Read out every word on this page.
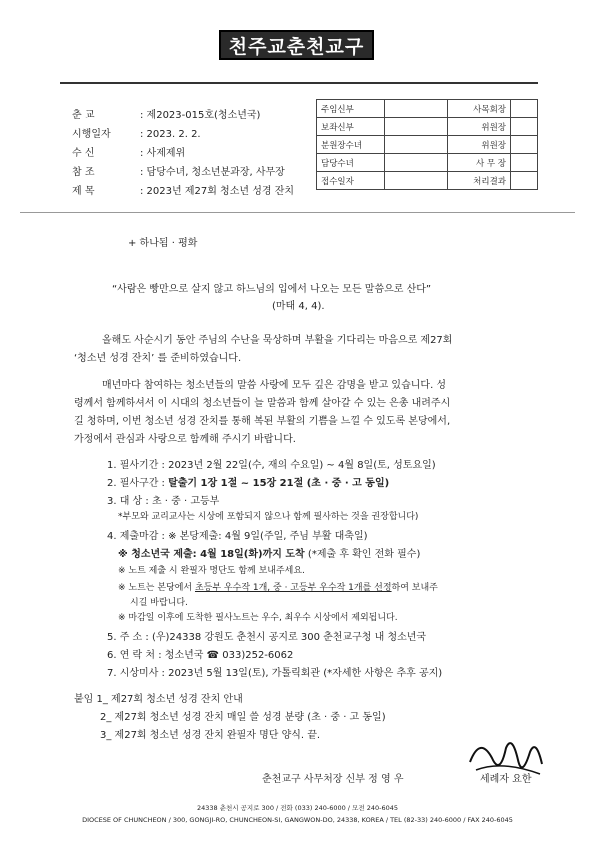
천주교춘천교구
춘 교	: 제2023-015호(청소년국)
시행일자	: 2023. 2. 2.
수 신	: 사제제위
참 조	: 담당수녀, 청소년분과장, 사무장
제 목	: 2023년 제27회 청소년 성경 잔치
주임신부		사목회장	
보좌신부		위원장	
분원장수녀		위원장	
담당수녀		사 무 장	
접수일자		처리결과	
+ 하나됨 · 평화
“사람은 빵만으로 살지 않고 하느님의 입에서 나오는 모든 말씀으로 산다”
(마태 4, 4).
올해도 사순시기 동안 주님의 수난을 묵상하며 부활을 기다리는 마음으로 제27회
‘청소년 성경 잔치’ 를 준비하였습니다.
매년마다 참여하는 청소년들의 말씀 사랑에 모두 깊은 감명을 받고 있습니다. 성
령께서 함께하셔서 이 시대의 청소년들이 늘 말씀과 함께 살아갈 수 있는 은총 내려주시
길 청하며, 이번 청소년 성경 잔치를 통해 복된 부활의 기쁨을 느낄 수 있도록 본당에서,
가정에서 관심과 사랑으로 함께해 주시기 바랍니다.
1. 필사기간 : 2023년 2월 22일(수, 재의 수요일) ~ 4월 8일(토, 성토요일)
2. 필사구간 : 탈출기 1장 1절 ~ 15장 21절 (초 · 중 · 고 동일)
3. 대 상 : 초 · 중 · 고등부
*부모와 교리교사는 시상에 포함되지 않으나 함께 필사하는 것을 권장합니다)
4. 제출마감 : ※ 본당제출: 4월 9일(주일, 주님 부활 대축일)
※ 청소년국 제출: 4월 18일(화)까지 도착 (*제출 후 확인 전화 필수)
※ 노트 제출 시 완필자 명단도 함께 보내주세요.
※ 노트는 본당에서 초등부 우수작 1개, 중 · 고등부 우수작 1개를 선정하여 보내주
시길 바랍니다.
※ 마감일 이후에 도착한 필사노트는 우수, 최우수 시상에서 제외됩니다.
5. 주 소 : (우)24338 강원도 춘천시 공지로 300 춘천교구청 내 청소년국
6. 연 락 처 : 청소년국 ☎ 033)252-6062
7. 시상미사 : 2023년 5월 13일(토), 가톨릭회관 (*자세한 사항은 추후 공지)
붙임 1_ 제27회 청소년 성경 잔치 안내
2_ 제27회 청소년 성경 잔치 매일 쓸 성경 분량 (초 · 중 · 고 동일)
3_ 제27회 청소년 성경 잔치 완필자 명단 양식. 끝.
춘천교구 사무처장 신부 정 영 우	세례자 요한
24338 춘천시 공지로 300 / 전화 (033) 240-6000 / 모전 240-6045
DIOCESE OF CHUNCHEON / 300, GONGJI-RO, CHUNCHEON-SI, GANGWON-DO, 24338, KOREA / TEL (82-33) 240-6000 / FAX 240-6045
